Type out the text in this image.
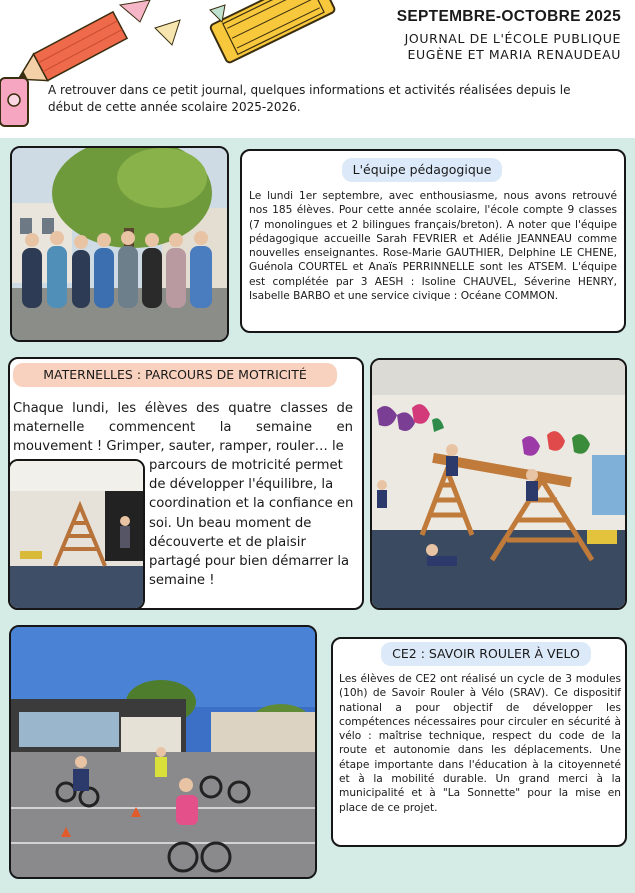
SEPTEMBRE-OCTOBRE 2025
JOURNAL DE L'ÉCOLE PUBLIQUE
EUGÈNE ET MARIA RENAUDEAU
A retrouver dans ce petit journal, quelques informations et activités réalisées depuis le début de cette année scolaire 2025-2026.
L'équipe pédagogique
Le lundi 1er septembre, avec enthousiasme, nous avons retrouvé nos 185 élèves. Pour cette année scolaire, l'école compte 9 classes (7 monolingues et 2 bilingues français/breton). A noter que l'équipe pédagogique accueille Sarah FEVRIER et Adélie JEANNEAU comme nouvelles enseignantes. Rose-Marie GAUTHIER, Delphine LE CHENE, Guénola COURTEL et Anaïs PERRINNELLE sont les ATSEM. L'équipe est complétée par 3 AESH : Isoline CHAUVEL, Séverine HENRY, Isabelle BARBO et une service civique : Océane COMMON.
MATERNELLES : PARCOURS DE MOTRICITÉ
Chaque lundi, les élèves des quatre classes de maternelle commencent la semaine en mouvement ! Grimper, sauter, ramper, rouler… le
parcours de motricité permet de développer l'équilibre, la coordination et la confiance en soi. Un beau moment de découverte et de plaisir partagé pour bien démarrer la semaine !
CE2 : SAVOIR ROULER À VELO
Les élèves de CE2 ont réalisé un cycle de 3 modules (10h) de Savoir Rouler à Vélo (SRAV). Ce dispositif national a pour objectif de développer les compétences nécessaires pour circuler en sécurité à vélo : maîtrise technique, respect du code de la route et autonomie dans les déplacements. Une étape importante dans l'éducation à la citoyenneté et à la mobilité durable. Un grand merci à la municipalité et à "La Sonnette" pour la mise en place de ce projet.
